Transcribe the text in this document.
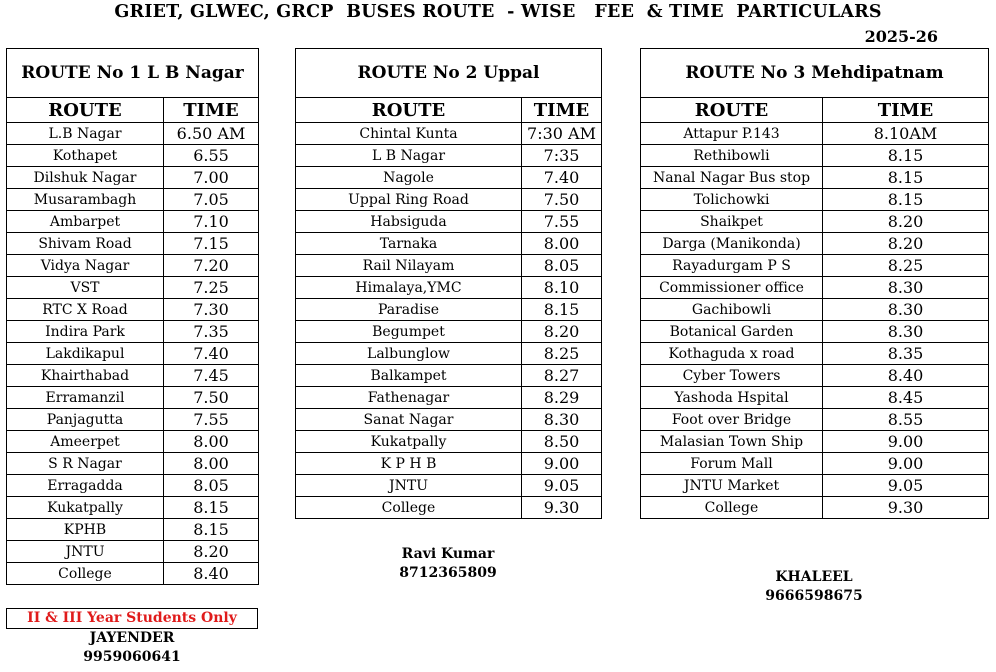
GRIET, GLWEC, GRCP  BUSES ROUTE  - WISE   FEE  & TIME  PARTICULARS
2025-26
ROUTE No 1 L B Nagar	
ROUTE	TIME
L.B Nagar	6.50 AM
Kothapet	6.55
Dilshuk Nagar	7.00
Musarambagh	7.05
Ambarpet	7.10
Shivam Road	7.15
Vidya Nagar	7.20
VST	7.25
RTC X Road	7.30
Indira Park	7.35
Lakdikapul	7.40
Khairthabad	7.45
Erramanzil	7.50
Panjagutta	7.55
Ameerpet	8.00
S R Nagar	8.00
Erragadda	8.05
Kukatpally	8.15
KPHB	8.15
JNTU	8.20
College	8.40
ROUTE No 2 Uppal	
ROUTE	TIME
Chintal Kunta	7:30 AM
L B Nagar	7:35
Nagole	7.40
Uppal Ring Road	7.50
Habsiguda	7.55
Tarnaka	8.00
Rail Nilayam	8.05
Himalaya,YMC	8.10
Paradise	8.15
Begumpet	8.20
Lalbunglow	8.25
Balkampet	8.27
Fathenagar	8.29
Sanat Nagar	8.30
Kukatpally	8.50
K P H B	9.00
JNTU	9.05
College	9.30
ROUTE No 3 Mehdipatnam	
ROUTE	TIME
Attapur P.143	8.10AM
Rethibowli	8.15
Nanal Nagar Bus stop	8.15
Tolichowki	8.15
Shaikpet	8.20
Darga (Manikonda)	8.20
Rayadurgam P S	8.25
Commissioner office	8.30
Gachibowli	8.30
Botanical Garden	8.30
Kothaguda x road	8.35
Cyber Towers	8.40
Yashoda Hspital	8.45
Foot over Bridge	8.55
Malasian Town Ship	9.00
Forum Mall	9.00
JNTU Market	9.05
College	9.30
II & III Year Students Only
JAYENDER
9959060641
Ravi Kumar
8712365809	KHALEEL
9666598675
